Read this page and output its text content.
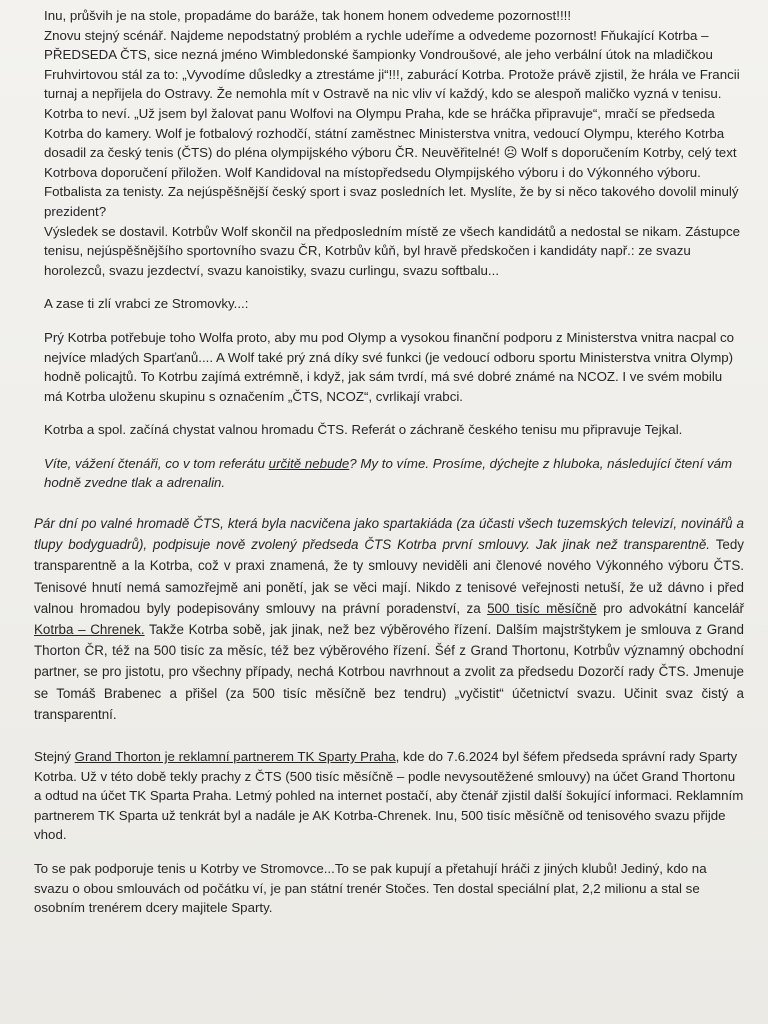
Inu, průšvih je na stole, propadáme do baráže, tak honem honem odvedeme pozornost!!!!
Znovu stejný scénář. Najdeme nepodstatný problém a rychle udeříme a odvedeme pozornost! Fňukající Kotrba – PŘEDSEDA ČTS, sice nezná jméno Wimbledonské šampionky Vondroušové, ale jeho verbální útok na mladičkou Fruhvirtovou stál za to: „Vyvodíme důsledky a ztrestáme ji“!!!, zaburácí Kotrba. Protože právě zjistil, že hrála ve Francii turnaj a nepřijela do Ostravy. Že nemohla mít v Ostravě na nic vliv ví každý, kdo se alespoň maličko vyzná v tenisu. Kotrba to neví. „Už jsem byl žalovat panu Wolfovi na Olympu Praha, kde se hráčka připravuje“, mračí se předseda Kotrba do kamery. Wolf je fotbalový rozhodčí, státní zaměstnec Ministerstva vnitra, vedoucí Olympu, kterého Kotrba dosadil za český tenis (ČTS) do pléna olympijského výboru ČR. Neuvěřitelné! ☹ Wolf s doporučením Kotrby, celý text Kotrbova doporučení přiložen. Wolf Kandidoval na místopředsedu Olympijského výboru i do Výkonného výboru. Fotbalista za tenisty. Za nejúspěšnější český sport i svaz posledních let. Myslíte, že by si něco takového dovolil minulý prezident?
Výsledek se dostavil. Kotrbův Wolf skončil na předposledním místě ze všech kandidátů a nedostal se nikam. Zástupce tenisu, nejúspěšnějšího sportovního svazu ČR, Kotrbův kůň, byl hravě předskočen i kandidáty např.: ze svazu horolezců, svazu jezdectví, svazu kanoistiky, svazu curlingu, svazu softbalu...
A zase ti zlí vrabci ze Stromovky...:
Prý Kotrba potřebuje toho Wolfa proto, aby mu pod Olymp a vysokou finanční podporu z Ministerstva vnitra nacpal co nejvíce mladých Sparťanů.... A Wolf také prý zná díky své funkci (je vedoucí odboru sportu Ministerstva vnitra Olymp) hodně policajtů. To Kotrbu zajímá extrémně, i když, jak sám tvrdí, má své dobré známé na NCOZ. I ve svém mobilu má Kotrba uloženu skupinu s označením „ČTS, NCOZ“, cvrlikají vrabci.
Kotrba a spol. začíná chystat valnou hromadu ČTS. Referát o záchraně českého tenisu mu připravuje Tejkal.
Víte, vážení čtenáři, co v tom referátu určitě nebude? My to víme. Prosíme, dýchejte z hluboka, následující čtení vám hodně zvedne tlak a adrenalin.
Pár dní po valné hromadě ČTS, která byla nacvičena jako spartakiáda (za účasti všech tuzemských televizí, novinářů a tlupy bodyguadrů), podpisuje nově zvolený předseda ČTS Kotrba první smlouvy. Jak jinak než transparentně. Tedy transparentně a la Kotrba, což v praxi znamená, že ty smlouvy neviděli ani členové nového Výkonného výboru ČTS. Tenisové hnutí nemá samozřejmě ani ponětí, jak se věci mají. Nikdo z tenisové veřejnosti netuší, že už dávno i před valnou hromadou byly podepisovány smlouvy na právní poradenství, za 500 tisíc měsíčně pro advokátní kancelář Kotrba – Chrenek. Takže Kotrba sobě, jak jinak, než bez výběrového řízení. Dalším majstrštykem je smlouva z Grand Thorton ČR, též na 500 tisíc za měsíc, též bez výběrového řízení. Šéf z Grand Thortonu, Kotrbův významný obchodní partner, se pro jistotu, pro všechny případy, nechá Kotrbou navrhnout a zvolit za předsedu Dozorčí rady ČTS. Jmenuje se Tomáš Brabenec a přišel (za 500 tisíc měsíčně bez tendru) „vyčistit“ účetnictví svazu. Učinit svaz čistý a transparentní.
Stejný Grand Thorton je reklamní partnerem TK Sparty Praha, kde do 7.6.2024 byl šéfem předseda správní rady Sparty Kotrba. Už v této době tekly prachy z ČTS (500 tisíc měsíčně – podle nevysoutěžené smlouvy) na účet Grand Thortonu a odtud na účet TK Sparta Praha. Letmý pohled na internet postačí, aby čtenář zjistil další šokující informaci. Reklamním partnerem TK Sparta už tenkrát byl a nadále je AK Kotrba-Chrenek. Inu, 500 tisíc měsíčně od tenisového svazu přijde vhod.
To se pak podporuje tenis u Kotrby ve Stromovce...To se pak kupují a přetahují hráči z jiných klubů! Jediný, kdo na svazu o obou smlouvách od počátku ví, je pan státní trenér Stočes. Ten dostal speciální plat, 2,2 milionu a stal se osobním trenérem dcery majitele Sparty.
